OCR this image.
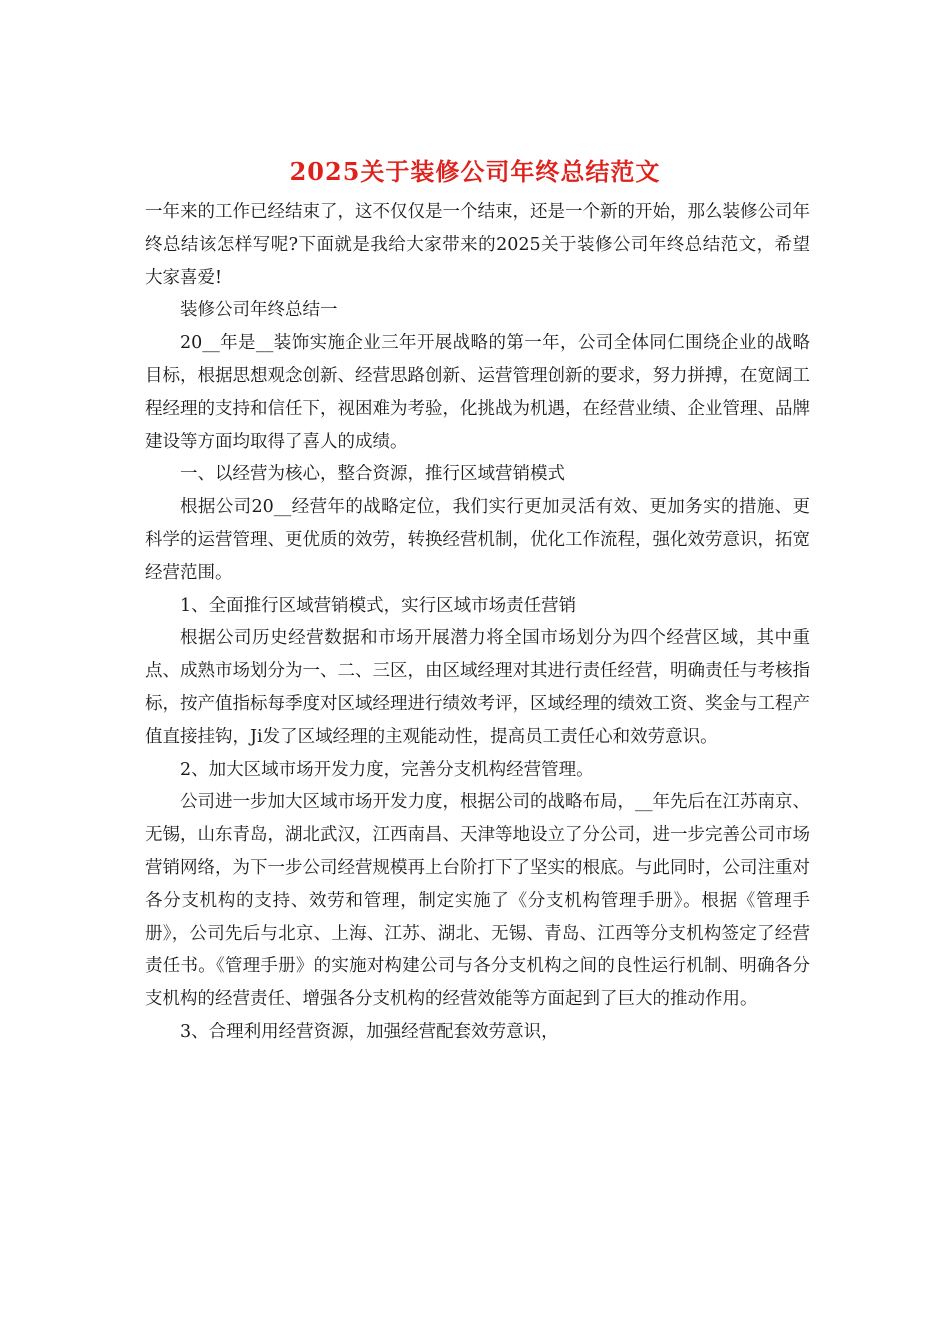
2025关于装修公司年终总结范文

一年来的工作已经结束了，这不仅仅是一个结束，还是一个新的开始，那么装修公司年终总结该怎样写呢?下面就是我给大家带来的2025关于装修公司年终总结范文，希望大家喜爱!

装修公司年终总结一

20__年是__装饰实施企业三年开展战略的第一年，公司全体同仁围绕企业的战略目标，根据思想观念创新、经营思路创新、运营管理创新的要求，努力拼搏，在宽阔工程经理的支持和信任下，视困难为考验，化挑战为机遇，在经营业绩、企业管理、品牌建设等方面均取得了喜人的成绩。

一、以经营为核心，整合资源，推行区域营销模式

根据公司20__经营年的战略定位，我们实行更加灵活有效、更加务实的措施、更科学的运营管理、更优质的效劳，转换经营机制，优化工作流程，强化效劳意识，拓宽经营范围。

1、全面推行区域营销模式，实行区域市场责任营销

根据公司历史经营数据和市场开展潜力将全国市场划分为四个经营区域，其中重点、成熟市场划分为一、二、三区，由区域经理对其进行责任经营，明确责任与考核指标，按产值指标每季度对区域经理进行绩效考评，区域经理的绩效工资、奖金与工程产值直接挂钩，Ji发了区域经理的主观能动性，提高员工责任心和效劳意识。

2、加大区域市场开发力度，完善分支机构经营管理。

公司进一步加大区域市场开发力度，根据公司的战略布局，__年先后在江苏南京、无锡，山东青岛，湖北武汉，江西南昌、天津等地设立了分公司，进一步完善公司市场营销网络，为下一步公司经营规模再上台阶打下了坚实的根底。与此同时，公司注重对各分支机构的支持、效劳和管理，制定实施了《分支机构管理手册》。根据《管理手册》，公司先后与北京、上海、江苏、湖北、无锡、青岛、江西等分支机构签定了经营责任书。《管理手册》的实施对构建公司与各分支机构之间的良性运行机制、明确各分支机构的经营责任、增强各分支机构的经营效能等方面起到了巨大的推动作用。

3、合理利用经营资源，加强经营配套效劳意识，
